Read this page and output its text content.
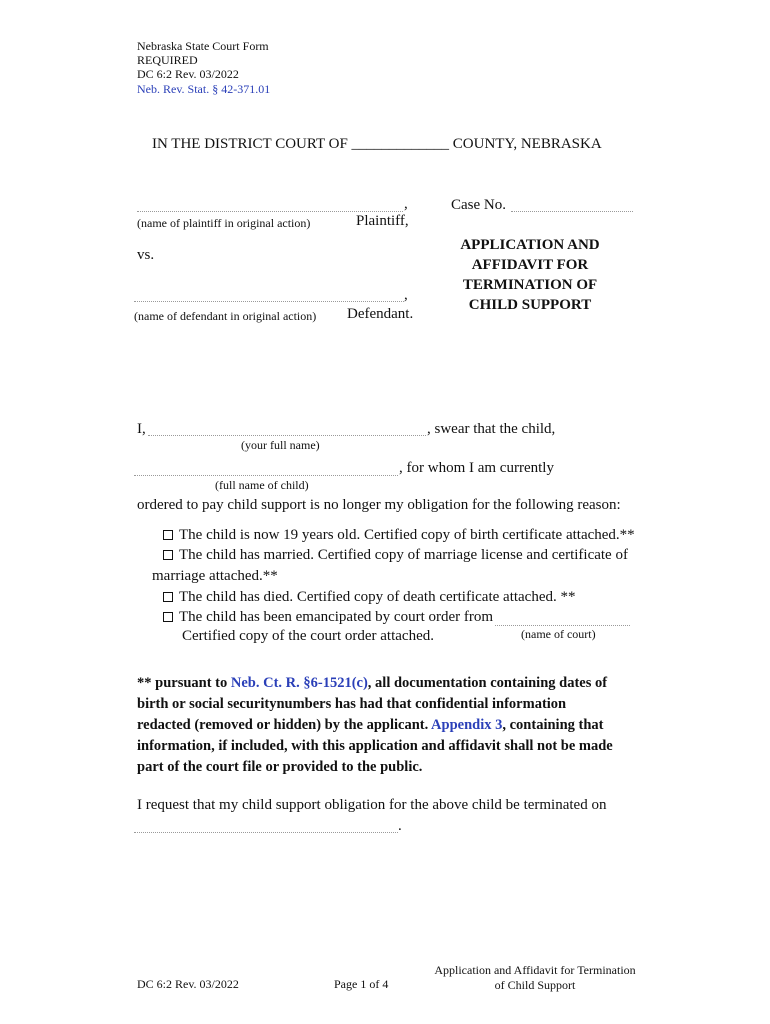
Nebraska State Court Form
REQUIRED
DC 6:2 Rev. 03/2022
Neb. Rev. Stat. § 42-371.01
IN THE DISTRICT COURT OF _____________ COUNTY, NEBRASKA
,
(name of plaintiff in original action)	Plaintiff,
Case No.
APPLICATION AND
AFFIDAVIT FOR
TERMINATION OF
CHILD SUPPORT
vs.
,
(name of defendant in original action) Defendant.
I,	, swear that the child,
(your full name)
, for whom I am currently
(full name of child)
ordered to pay child support is no longer my obligation for the following reason:
The child is now 19 years old. Certified copy of birth certificate attached.**
The child has married. Certified copy of marriage license and certificate of
marriage attached.**
The child has died. Certified copy of death certificate attached. **
The child has been emancipated by court order from
Certified copy of the court order attached.	(name of court)
** pursuant to Neb. Ct. R. §6-1521(c), all documentation containing dates of
birth or social securitynumbers has had that confidential information
redacted (removed or hidden) by the applicant. Appendix 3, containing that
information, if included, with this application and affidavit shall not be made
part of the court file or provided to the public.
I request that my child support obligation for the above child be terminated on
.
DC 6:2 Rev. 03/2022	Page 1 of 4
Application and Affidavit for Termination
of Child Support
